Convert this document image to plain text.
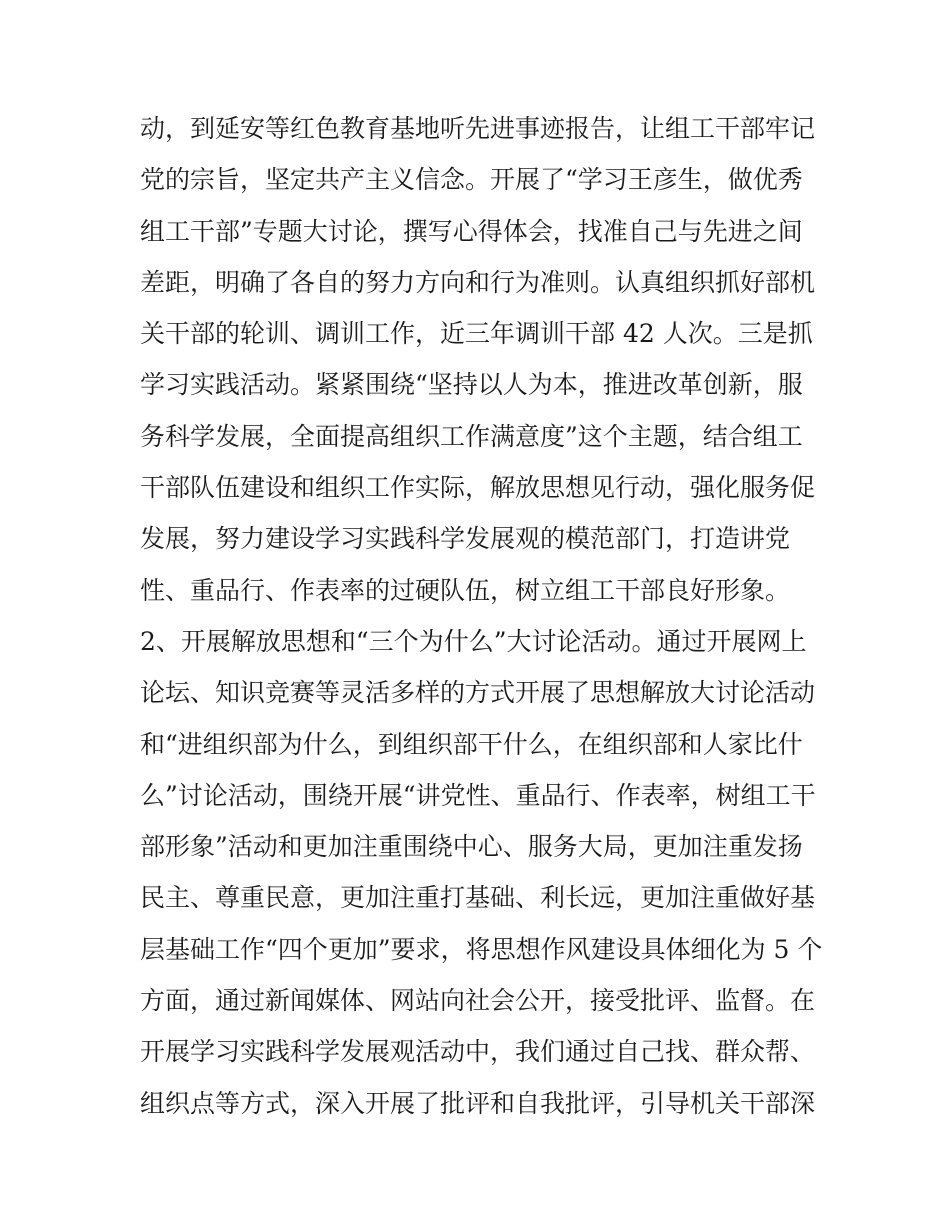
动，到延安等红色教育基地听先进事迹报告，让组工干部牢记
党的宗旨，坚定共产主义信念。开展了“学习王彦生，做优秀
组工干部”专题大讨论，撰写心得体会，找准自己与先进之间
差距，明确了各自的努力方向和行为准则。认真组织抓好部机
关干部的轮训、调训工作，近三年调训干部 42 人次。三是抓
学习实践活动。紧紧围绕“坚持以人为本，推进改革创新，服
务科学发展，全面提高组织工作满意度”这个主题，结合组工
干部队伍建设和组织工作实际，解放思想见行动，强化服务促
发展，努力建设学习实践科学发展观的模范部门，打造讲党
性、重品行、作表率的过硬队伍，树立组工干部良好形象。
2、开展解放思想和“三个为什么”大讨论活动。通过开展网上
论坛、知识竞赛等灵活多样的方式开展了思想解放大讨论活动
和“进组织部为什么，到组织部干什么，在组织部和人家比什
么”讨论活动，围绕开展“讲党性、重品行、作表率，树组工干
部形象”活动和更加注重围绕中心、服务大局，更加注重发扬
民主、尊重民意，更加注重打基础、利长远，更加注重做好基
层基础工作“四个更加”要求，将思想作风建设具体细化为 5 个
方面，通过新闻媒体、网站向社会公开，接受批评、监督。在
开展学习实践科学发展观活动中，我们通过自己找、群众帮、
组织点等方式，深入开展了批评和自我批评，引导机关干部深
